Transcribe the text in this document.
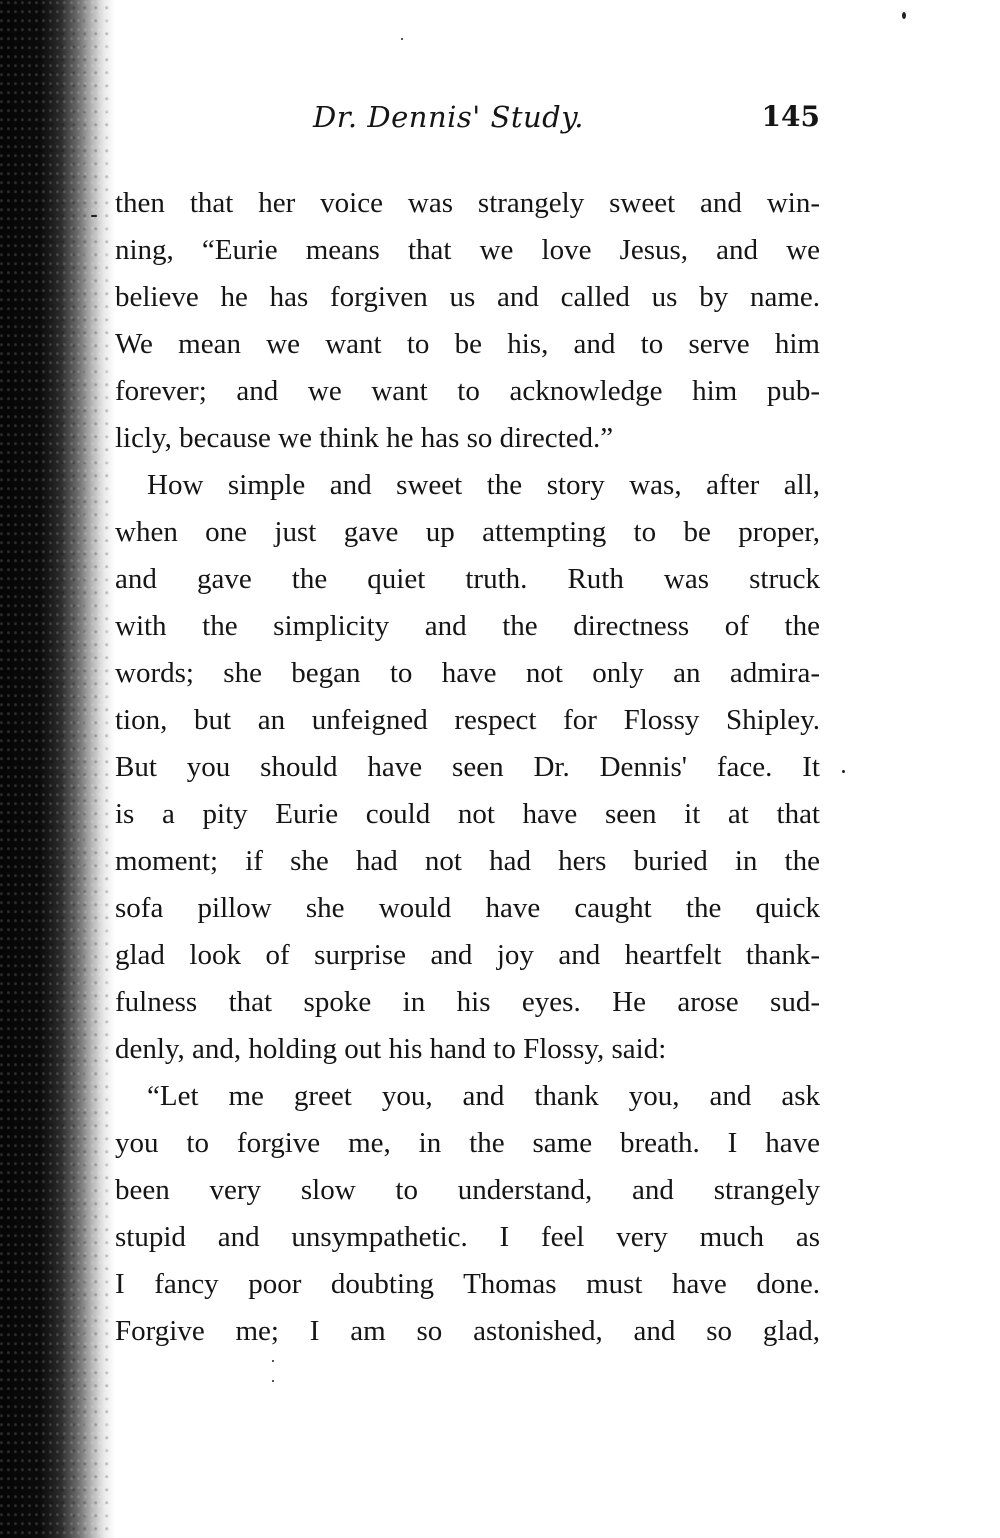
Dr. Dennis' Study.	145
then that her voice was strangely sweet and win-
ning, “Eurie means that we love Jesus, and we
believe he has forgiven us and called us by name.
We mean we want to be his, and to serve him
forever; and we want to acknowledge him pub-
licly, because we think he has so directed.”
How simple and sweet the story was, after all,
when one just gave up attempting to be proper,
and gave the quiet truth. Ruth was struck
with the simplicity and the directness of the
words; she began to have not only an admira-
tion, but an unfeigned respect for Flossy Shipley.
But you should have seen Dr. Dennis' face. It
is a pity Eurie could not have seen it at that
moment; if she had not had hers buried in the
sofa pillow she would have caught the quick
glad look of surprise and joy and heartfelt thank-
fulness that spoke in his eyes. He arose sud-
denly, and, holding out his hand to Flossy, said:
“Let me greet you, and thank you, and ask
you to forgive me, in the same breath. I have
been very slow to understand, and strangely
stupid and unsympathetic. I feel very much as
I fancy poor doubting Thomas must have done.
Forgive me; I am so astonished, and so glad,
